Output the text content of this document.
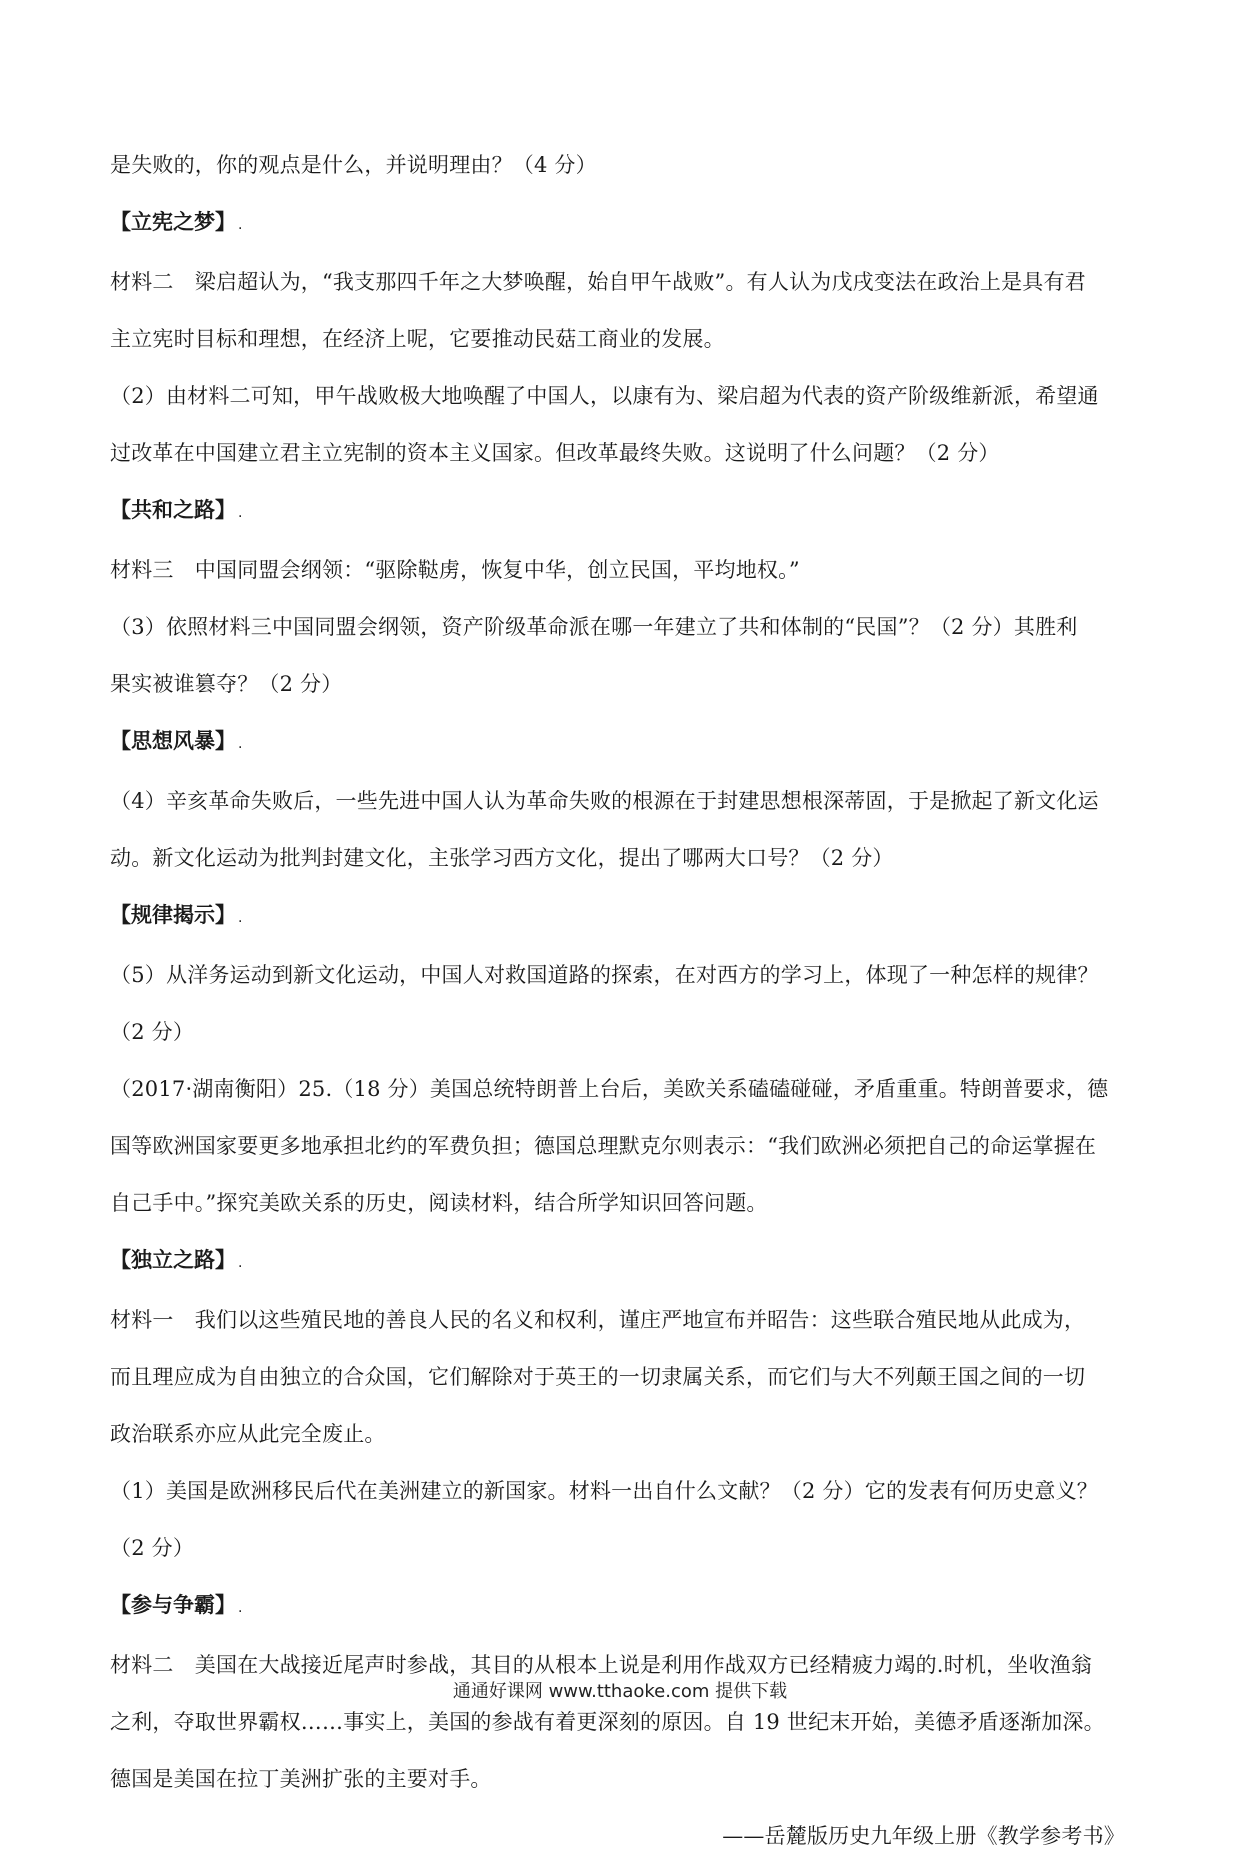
是失败的，你的观点是什么，并说明理由？（4 分）

【立宪之梦】 .

材料二　梁启超认为，“我支那四千年之大梦唤醒，始自甲午战败”。有人认为戊戌变法在政治上是具有君

主立宪时目标和理想，在经济上呢，它要推动民菇工商业的发展。

（2）由材料二可知，甲午战败极大地唤醒了中国人，以康有为、梁启超为代表的资产阶级维新派，希望通

过改革在中国建立君主立宪制的资本主义国家。但改革最终失败。这说明了什么问题？（2 分）

【共和之路】 .

材料三　中国同盟会纲领：“驱除鞑虏，恢复中华，创立民国，平均地权。”

（3）依照材料三中国同盟会纲领，资产阶级革命派在哪一年建立了共和体制的“民国”？（2 分）其胜利

果实被谁篡夺？（2 分）

【思想风暴】 .

（4）辛亥革命失败后，一些先进中国人认为革命失败的根源在于封建思想根深蒂固，于是掀起了新文化运

动。新文化运动为批判封建文化，主张学习西方文化，提出了哪两大口号？（2 分）

【规律揭示】 .

（5）从洋务运动到新文化运动，中国人对救国道路的探索，在对西方的学习上，体现了一种怎样的规律？

（2 分）

（2017·湖南衡阳）25.（18 分）美国总统特朗普上台后，美欧关系磕磕碰碰，矛盾重重。特朗普要求，德

国等欧洲国家要更多地承担北约的军费负担；德国总理默克尔则表示：“我们欧洲必须把自己的命运掌握在

自己手中。”探究美欧关系的历史，阅读材料，结合所学知识回答问题。

【独立之路】 .

材料一　我们以这些殖民地的善良人民的名义和权利，谨庄严地宣布并昭告：这些联合殖民地从此成为，

而且理应成为自由独立的合众国，它们解除对于英王的一切隶属关系，而它们与大不列颠王国之间的一切

政治联系亦应从此完全废止。

（1）美国是欧洲移民后代在美洲建立的新国家。材料一出自什么文献？（2 分）它的发表有何历史意义？

（2 分）

【参与争霸】 .

材料二　美国在大战接近尾声时参战，其目的从根本上说是利用作战双方已经精疲力竭的.时机，坐收渔翁

之利，夺取世界霸权……事实上，美国的参战有着更深刻的原因。自 19 世纪末开始，美德矛盾逐渐加深。

德国是美国在拉丁美洲扩张的主要对手。

——岳麓版历史九年级上册《教学参考书》

通通好课网 www.tthaoke.com 提供下载
